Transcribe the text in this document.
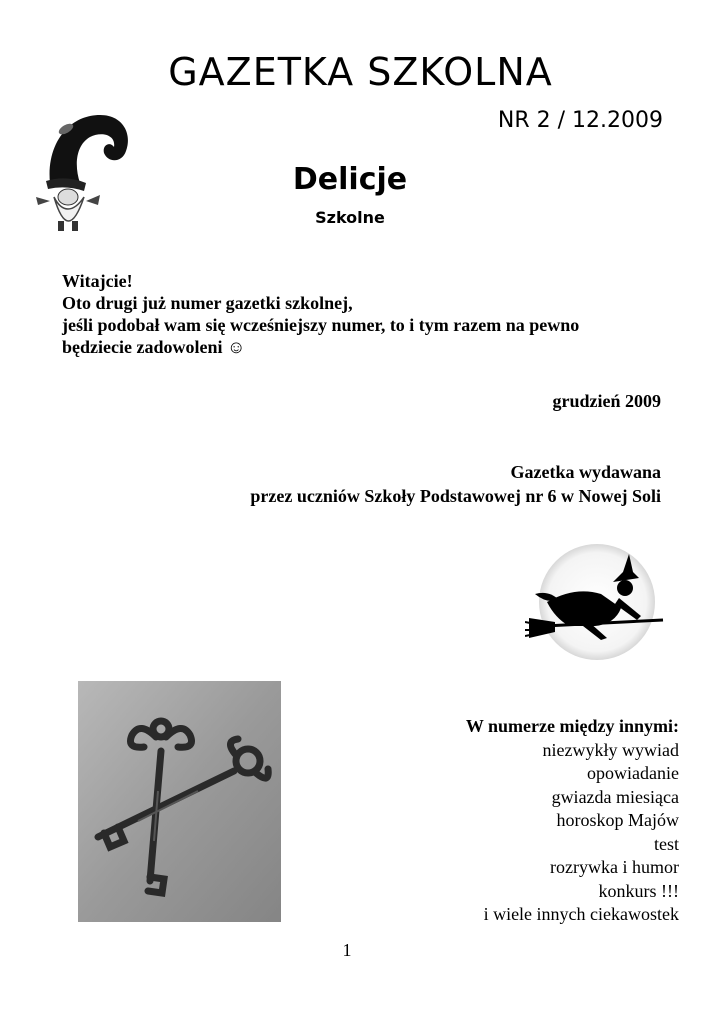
GAZETKA SZKOLNA
NR 2 / 12.2009
Delicje
Szkolne
Witajcie!
Oto drugi już numer gazetki szkolnej,
jeśli podobał wam się wcześniejszy numer, to i tym razem na pewno
będziecie zadowoleni ☺
grudzień 2009
Gazetka wydawana
przez uczniów Szkoły Podstawowej nr 6 w Nowej Soli
W numerze między innymi:
niezwykły wywiad
opowiadanie
gwiazda miesiąca
horoskop Majów
test
rozrywka i humor
konkurs !!!
i wiele innych ciekawostek
1
